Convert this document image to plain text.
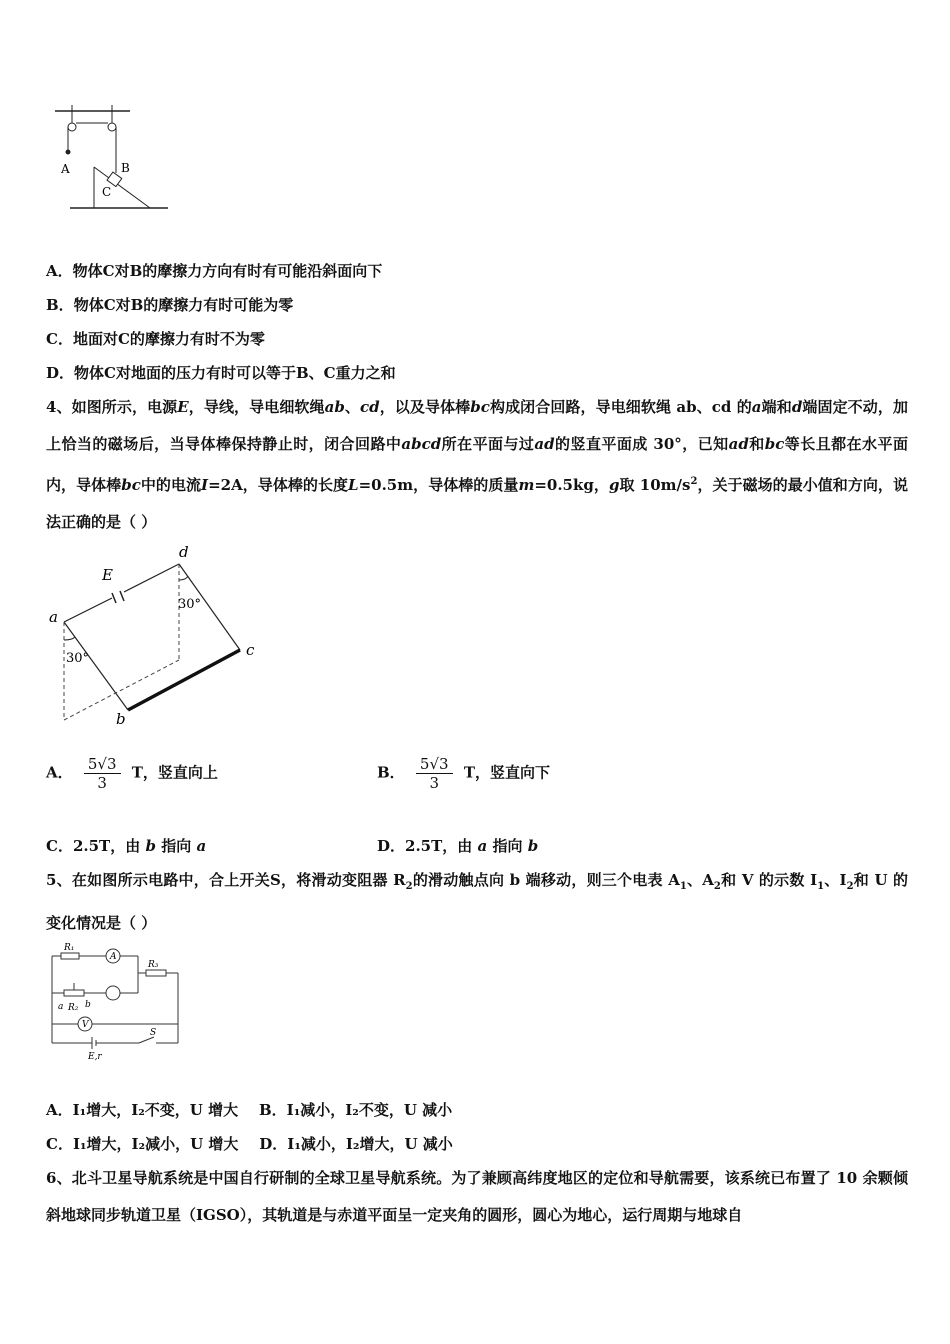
A	B
C
A．物体C对B的摩擦力方向有时有可能沿斜面向下
B．物体C对B的摩擦力有时可能为零
C．地面对C的摩擦力有时不为零
D．物体C对地面的压力有时可以等于B、C重力之和
4、如图所示，电源E，导线，导电细软绳ab、cd，以及导体棒bc构成闭合回路，导电细软绳 ab、cd 的a端和d端固定不动，加上恰当的磁场后，当导体棒保持静止时，闭合回路中abcd所在平面与过ad的竖直平面成 30°，已知ad和bc等长且都在水平面内，导体棒bc中的电流I=2A，导体棒的长度L=0.5m，导体棒的质量m=0.5kg，g取 $10m/s^2$，关于磁场的最小值和方向，说法正确的是（ ）
E
d
a
b
c
30°
30°
A． $\frac{5√3}{3}$ T，竖直向上	B． $\frac{5√3}{3}$ T，竖直向下
C．2.5T，由 b 指向 a	D．2.5T，由 a 指向 b
5、在如图所示电路中，合上开关S，将滑动变阻器 $R_2$的滑动触点向 b 端移动，则三个电表 $A_1$、$A_2$和 V 的示数 $I_1$、$I_2$和 U 的变化情况是（ ）
R₁
R₃
R₂
a b
A
V
E,r
S
A．I₁增大，I₂不变，U 增大    B．I₁减小，I₂不变，U 减小
C．I₁增大，I₂减小，U 增大    D．I₁减小，I₂增大，U 减小
6、北斗卫星导航系统是中国自行研制的全球卫星导航系统。为了兼顾高纬度地区的定位和导航需要，该系统已布置了 10 余颗倾斜地球同步轨道卫星（IGSO），其轨道是与赤道平面呈一定夹角的圆形，圆心为地心，运行周期与地球自
